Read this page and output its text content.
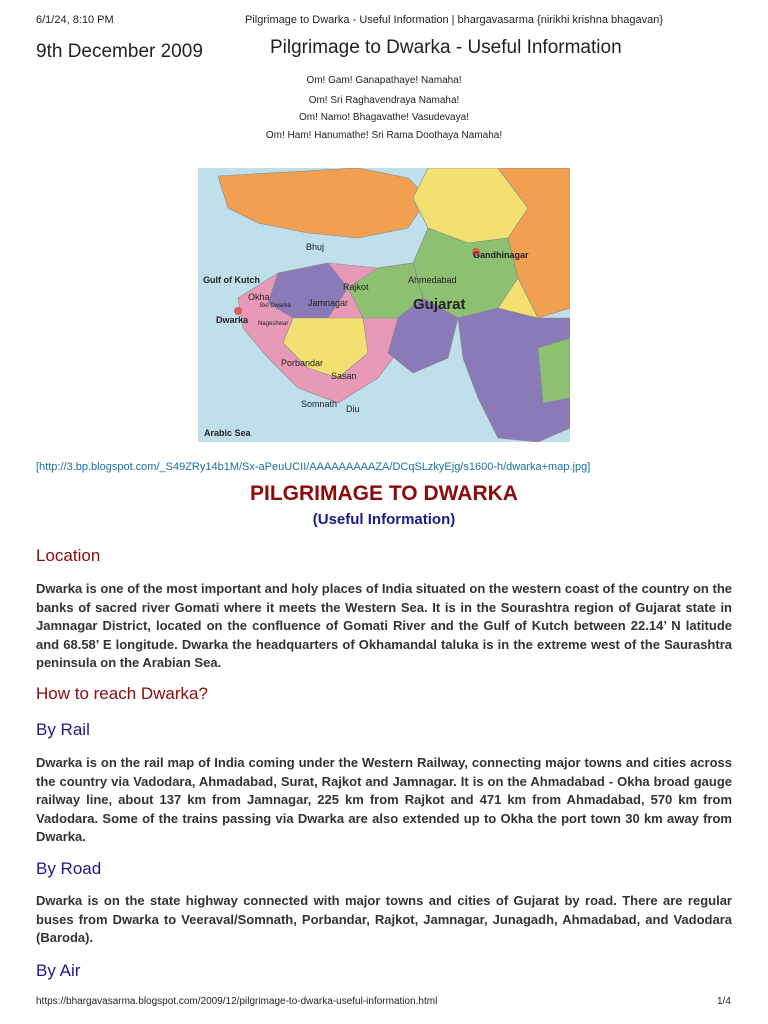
6/1/24, 8:10 PM	Pilgrimage to Dwarka - Useful Information | bhargavasarma {nirikhi krishna bhagavan}
9th December 2009	Pilgrimage to Dwarka - Useful Information
Om! Gam! Ganapathaye! Namaha!
Om! Sri Raghavendraya Namaha!
Om! Namo! Bhagavathe! Vasudevaya!
Om! Ham! Hanumathe! Sri Rama Doothaya Namaha!
Bhuj
Gandhinagar
Gulf of Kutch	Ahmedabad
Rajkot
Okha
Bei Dwarka Jamnagar	Gujarat
Dwarka Nageshwar
Porbandar
Sasan
Somnath Diu
Arabic Sea
[http://3.bp.blogspot.com/_S49ZRy14b1M/Sx-aPeuUCII/AAAAAAAAAZA/DCqSLzkyEjg/s1600-h/dwarka+map.jpg]
PILGRIMAGE TO DWARKA
(Useful Information)
Location
Dwarka is one of the most important and holy places of India situated on the western coast of the country on the banks of sacred river Gomati where it meets the Western Sea. It is in the Sourashtra region of Gujarat state in Jamnagar District, located on the confluence of Gomati River and the Gulf of Kutch between 22.14’ N latitude and 68.58’ E longitude. Dwarka the headquarters of Okhamandal taluka is in the extreme west of the Saurashtra peninsula on the Arabian Sea.
How to reach Dwarka?
By Rail
Dwarka is on the rail map of India coming under the Western Railway, connecting major towns and cities across the country via Vadodara, Ahmadabad, Surat, Rajkot and Jamnagar. It is on the Ahmadabad - Okha broad gauge railway line, about 137 km from Jamnagar, 225 km from Rajkot and 471 km from Ahmadabad, 570 km from Vadodara. Some of the trains passing via Dwarka are also extended up to Okha the port town 30 km away from Dwarka.
By Road
Dwarka is on the state highway connected with major towns and cities of Gujarat by road. There are regular buses from Dwarka to Veeraval/Somnath, Porbandar, Rajkot, Jamnagar, Junagadh, Ahmadabad, and Vadodara (Baroda).
By Air
https://bhargavasarma.blogspot.com/2009/12/pilgrimage-to-dwarka-useful-information.html	1/4
